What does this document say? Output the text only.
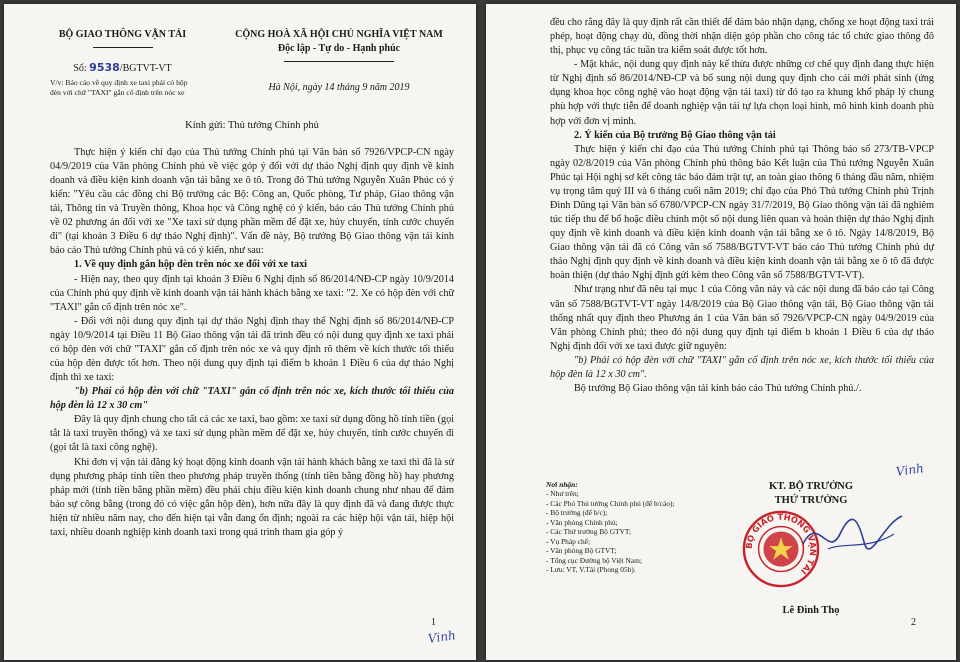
BỘ GIAO THÔNG VẬN TẢI
Số: 9538/BGTVT-VT
V/v: Báo cáo về quy định xe taxi phải có hộp đèn với chữ "TAXI" gắn cố định trên nóc xe
CỘNG HOÀ XÃ HỘI CHỦ NGHĨA VIỆT NAM
Độc lập - Tự do - Hạnh phúc
Hà Nội, ngày 14 tháng 9 năm 2019
Kính gửi: Thủ tướng Chính phủ

Thực hiện ý kiến chỉ đạo của Thủ tướng Chính phủ tại Văn bản số 7926/VPCP-CN ngày 04/9/2019 của Văn phòng Chính phủ về việc góp ý đối với dự thảo Nghị định quy định về kinh doanh và điều kiện kinh doanh vận tải bằng xe ô tô. Trong đó Thủ tướng Nguyễn Xuân Phúc có ý kiến: "Yêu cầu các đồng chí Bộ trưởng các Bộ: Công an, Quốc phòng, Tư pháp, Giao thông vận tải, Thông tin và Truyền thông, Khoa học và Công nghệ có ý kiến, báo cáo Thủ tướng Chính phủ về 02 phương án đối với xe "Xe taxi sử dụng phần mềm để đặt xe, hủy chuyến, tính cước chuyến đi" (tại khoản 3 Điều 6 dự thảo Nghị định)". Vấn đề này, Bộ trưởng Bộ Giao thông vận tải kính báo cáo Thủ tướng Chính phủ và có ý kiến, như sau:

1. Về quy định gắn hộp đèn trên nóc xe đối với xe taxi

- Hiện nay, theo quy định tại khoản 3 Điều 6 Nghị định số 86/2014/NĐ-CP ngày 10/9/2014 của Chính phủ quy định về kinh doanh vận tải hành khách bằng xe taxi: "2. Xe có hộp đèn với chữ "TAXI" gắn cố định trên nóc xe".

- Đối với nội dung quy định tại dự thảo Nghị định thay thế Nghị định số 86/2014/NĐ-CP ngày 10/9/2014 tại Điều 11 Bộ Giao thông vận tải đã trình đều có nội dung quy định xe taxi phải có hộp đèn với chữ "TAXI" gắn cố định trên nóc xe và quy định rõ thêm về kích thước tối thiểu của hộp đèn được tốt hơn. Theo nội dung quy định tại điểm b khoản 1 Điều 6 của dự thảo Nghị định thì xe taxi:

"b) Phải có hộp đèn với chữ "TAXI" gắn cố định trên nóc xe, kích thước tối thiểu của hộp đèn là 12 x 30 cm"

Đây là quy định chung cho tất cả các xe taxi, bao gồm: xe taxi sử dụng đồng hồ tính tiền (gọi tắt là taxi truyền thống) và xe taxi sử dụng phần mềm để đặt xe, hủy chuyến, tính cước chuyến đi (gọi tắt là taxi công nghệ).

Khi đơn vị vận tải đăng ký hoạt động kinh doanh vận tải hành khách bằng xe taxi thì đã là sử dụng phương pháp tính tiền theo phương pháp truyền thống (tính tiền bằng đồng hồ) hay phương pháp mới (tính tiền bằng phần mềm) đều phải chịu điều kiện kinh doanh chung như nhau để đảm bảo sự công bằng (trong đó có việc gắn hộp đèn), hơn nữa đây là quy định đã và đang được thực hiện từ nhiều năm nay, cho đến hiện tại vẫn đang ổn định; ngoài ra các hiệp hội vận tải, hiệp hội taxi, nhiều doanh nghiệp kinh doanh taxi trong quá trình tham gia góp ý

Vinh
1

đều cho rằng đây là quy định rất cần thiết để đảm bảo nhận dạng, chống xe hoạt động taxi trái phép, hoạt động chạy dù, đồng thời nhận diện góp phần cho công tác tổ chức giao thông đô thị, phục vụ công tác tuần tra kiểm soát được tốt hơn.

- Mặt khác, nội dung quy định này kế thừa được những cơ chế quy định đang thực hiện từ Nghị định số 86/2014/NĐ-CP và bổ sung nội dung quy định cho cái mới phát sinh (ứng dụng khoa học công nghệ vào hoạt động vận tải taxi) từ đó tạo ra khung khổ pháp lý chung phù hợp với thực tiễn để doanh nghiệp vận tải tự lựa chọn loại hình, mô hình kinh doanh phù hợp với đơn vị mình.

2. Ý kiến của Bộ trưởng Bộ Giao thông vận tải

Thực hiện ý kiến chỉ đạo của Thủ tướng Chính phủ tại Thông báo số 273/TB-VPCP ngày 02/8/2019 của Văn phòng Chính phủ thông báo Kết luận của Thủ tướng Nguyễn Xuân Phúc tại Hội nghị sơ kết công tác bảo đảm trật tự, an toàn giao thông 6 tháng đầu năm, nhiệm vụ trọng tâm quý III và 6 tháng cuối năm 2019; chỉ đạo của Phó Thủ tướng Chính phủ Trịnh Đình Dũng tại Văn bản số 6780/VPCP-CN ngày 31/7/2019, Bộ Giao thông vận tải đã nghiêm túc tiếp thu để bổ hoặc điều chỉnh một số nội dung liên quan và hoàn thiện dự thảo Nghị định quy định về kinh doanh và điều kiện kinh doanh vận tải bằng xe ô tô. Ngày 14/8/2019, Bộ Giao thông vận tải đã có Công văn số 7588/BGTVT-VT báo cáo Thủ tướng Chính phủ dự thảo Nghị định quy định về kinh doanh và điều kiện kinh doanh vận tải bằng xe ô tô đã được hoàn thiện (dự thảo Nghị định gửi kèm theo Công văn số 7588/BGTVT-VT).

Như trạng như đã nêu tại mục 1 của Công văn này và các nội dung đã báo cáo tại Công văn số 7588/BGTVT-VT ngày 14/8/2019 của Bộ Giao thông vận tải, Bộ Giao thông vận tải thống nhất quy định theo Phương án 1 của Văn bản số 7926/VPCP-CN ngày 04/9/2019 của Văn phòng Chính phủ; theo đó nội dung quy định tại điểm b khoản 1 Điều 6 của dự thảo Nghị định đối với xe taxi được giữ nguyên:

"b) Phải có hộp đèn với chữ "TAXI" gắn cố định trên nóc xe, kích thước tối thiểu của hộp đèn là 12 x 30 cm".

Bộ trưởng Bộ Giao thông vận tải kính báo cáo Thủ tướng Chính phủ./.

Vinh
Nơi nhận:
- Như trên;
- Các Phó Thủ tướng Chính phủ (để b/cáo);
- Bộ trưởng (để b/c);
- Văn phòng Chính phủ;
- Các Thứ trưởng Bộ GTVT;
- Vụ Pháp chế;
- Văn phòng Bộ GTVT;
- Tổng cục Đường bộ Việt Nam;
- Lưu: VT, V.Tải (Phong 05b).
KT. BỘ TRƯỞNG
THỨ TRƯỞNG
BỘ GIAO THÔNG VẬN TẢI
Lê Đình Thọ
2
